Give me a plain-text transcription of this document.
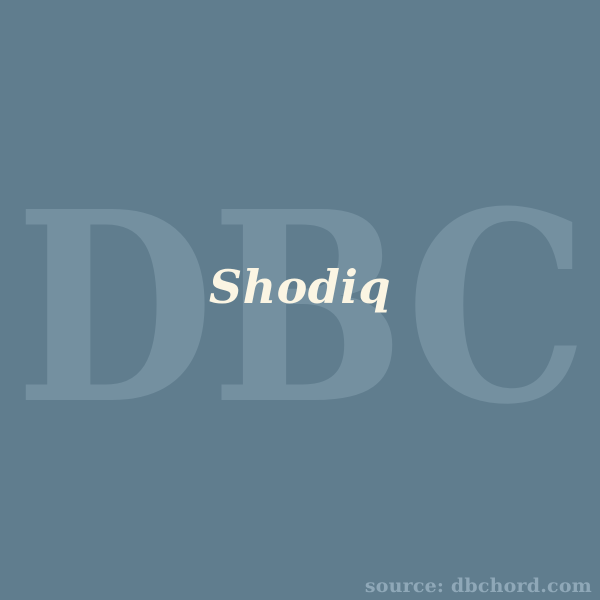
DBC
Shodiq
source: dbchord.com
